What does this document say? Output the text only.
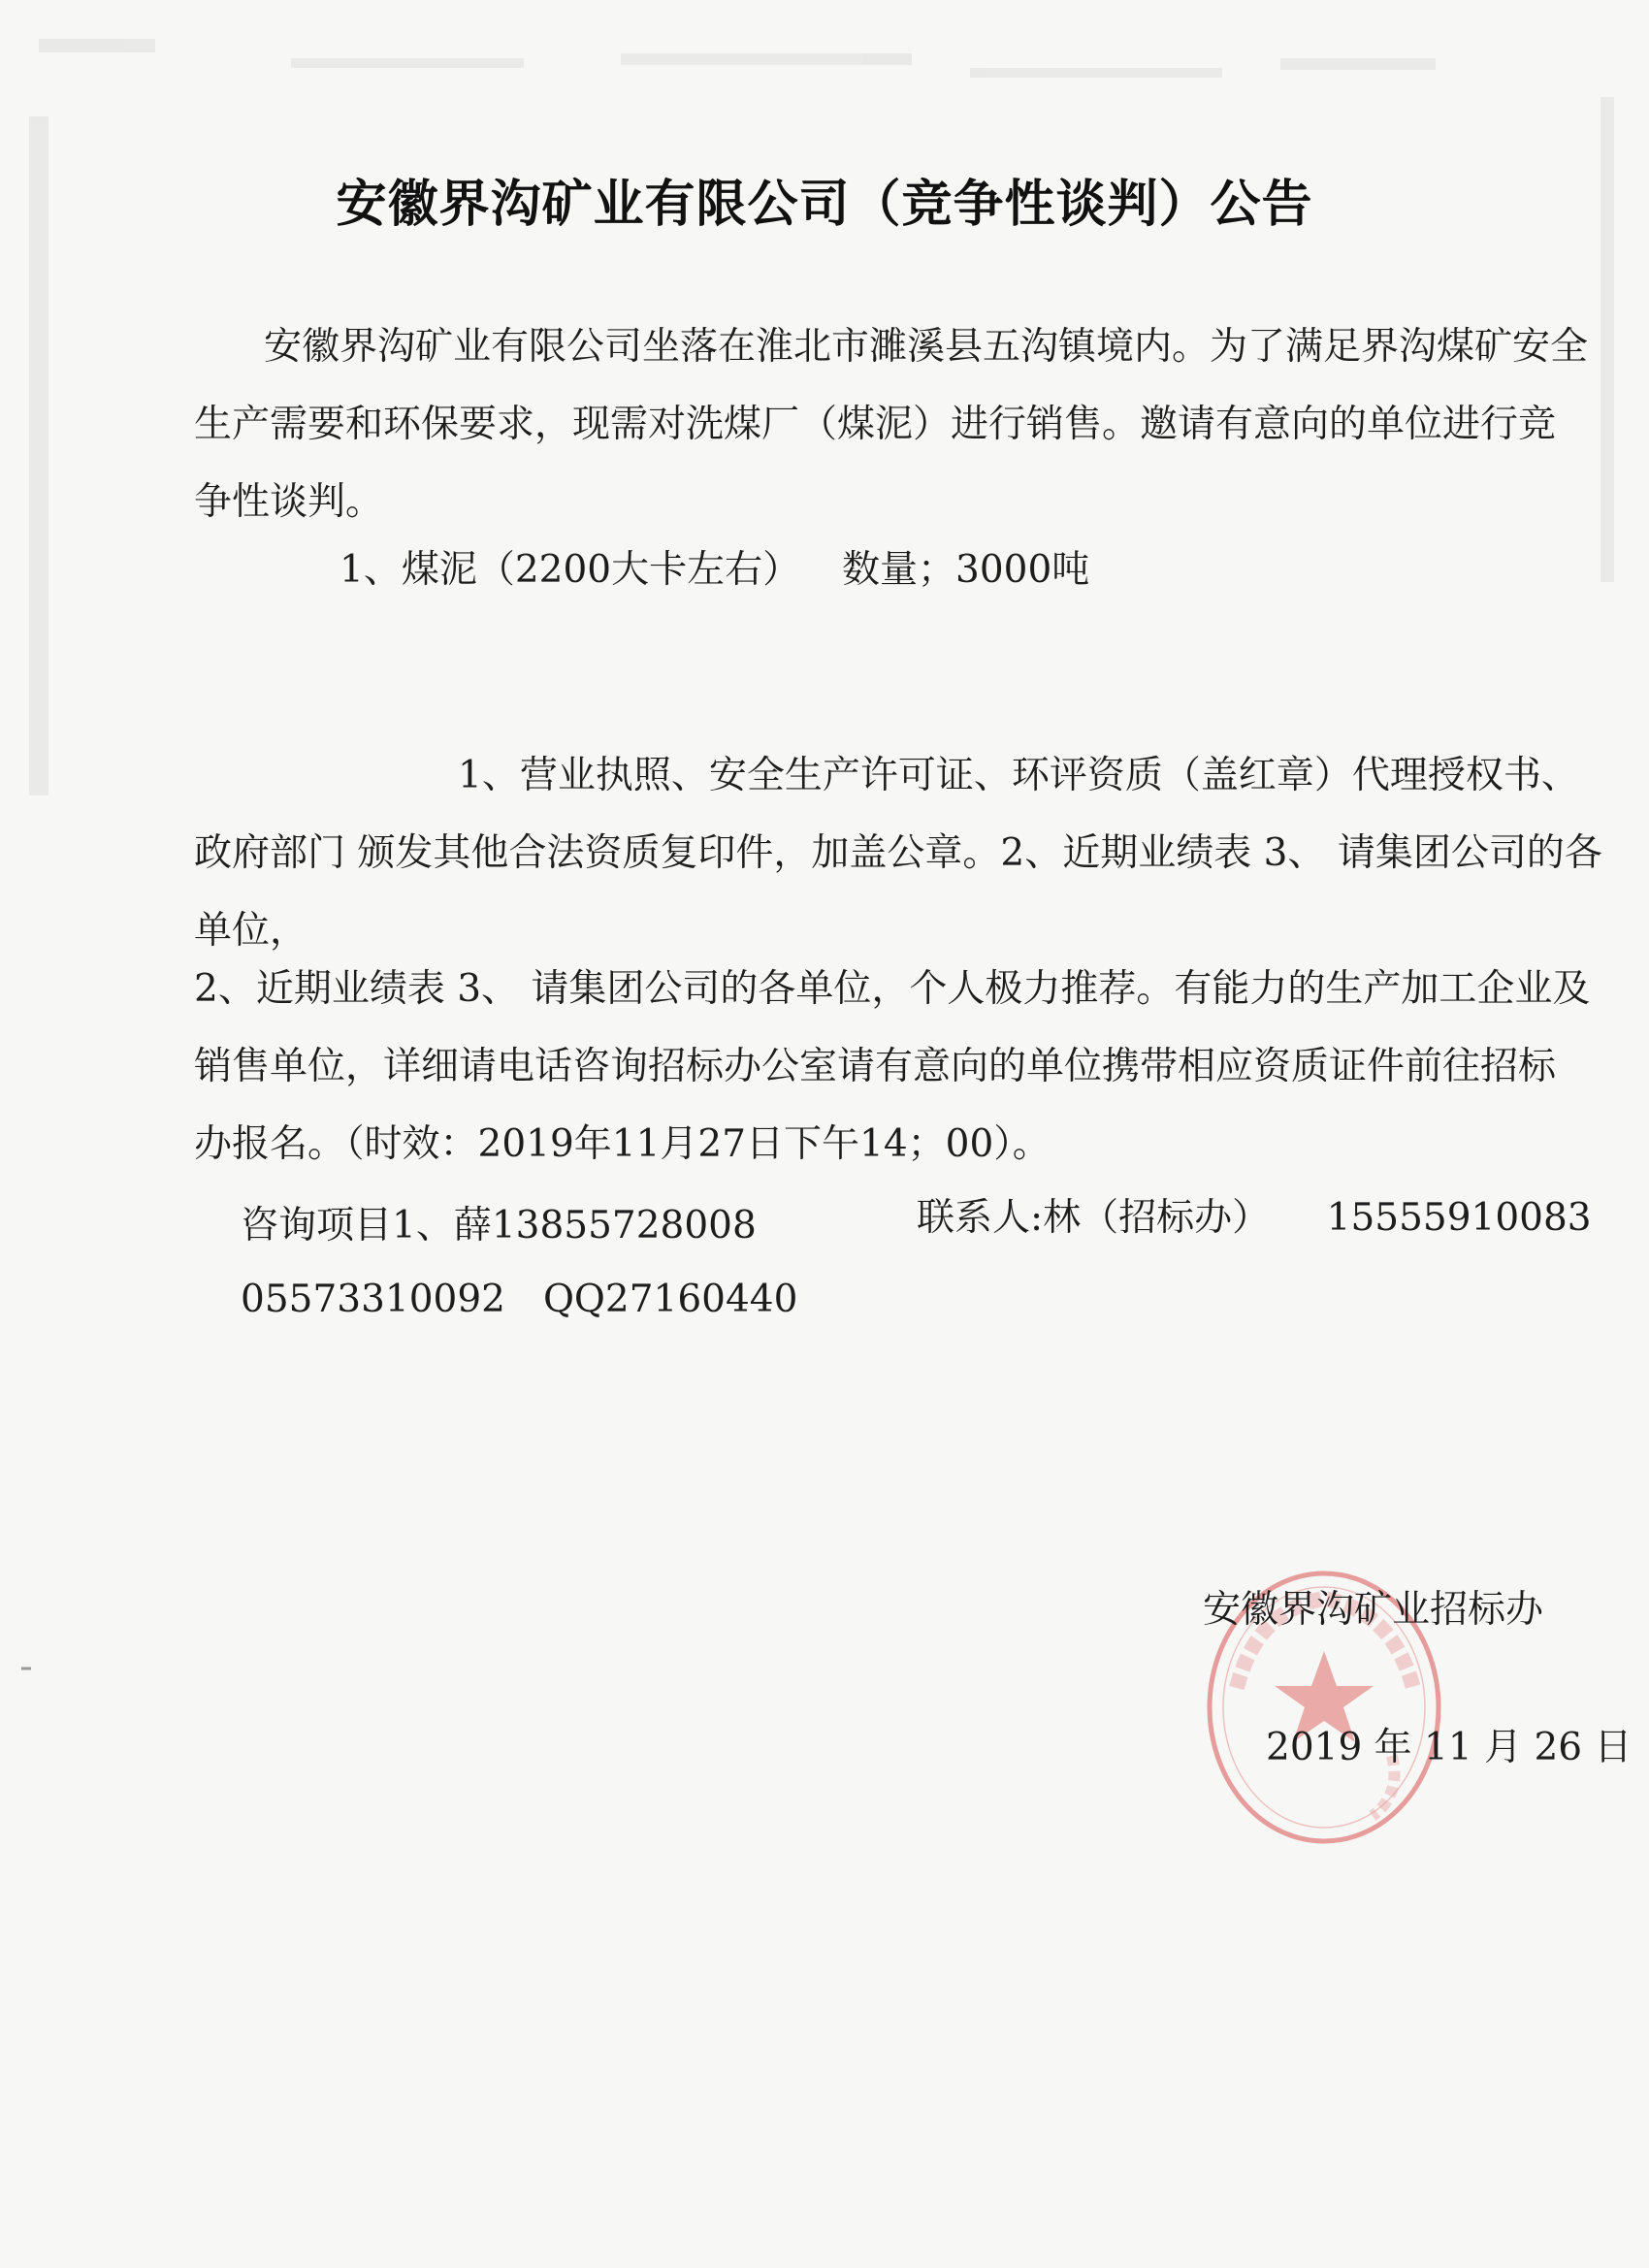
安徽界沟矿业有限公司（竞争性谈判）公告

安徽界沟矿业有限公司坐落在淮北市濉溪县五沟镇境内。为了满足界沟煤矿安全生产需要和环保要求，现需对洗煤厂（煤泥）进行销售。邀请有意向的单位进行竞争性谈判。

1、煤泥（2200大卡左右） 数量；3000吨

1、营业执照、安全生产许可证、环评资质（盖红章）代理授权书、政府部门 颁发其他合法资质复印件，加盖公章。2、近期业绩表 3、 请集团公司的各单位，

2、近期业绩表 3、 请集团公司的各单位，个人极力推荐。有能力的生产加工企业及销售单位，详细请电话咨询招标办公室请有意向的单位携带相应资质证件前往招标办报名。（时效：2019年11月27日下午14；00）。

咨询项目1、薛13855728008	联系人:林（招标办）　　15555910083

05573310092　QQ27160440

安徽界沟矿业招标办

2019 年 11 月 26 日
